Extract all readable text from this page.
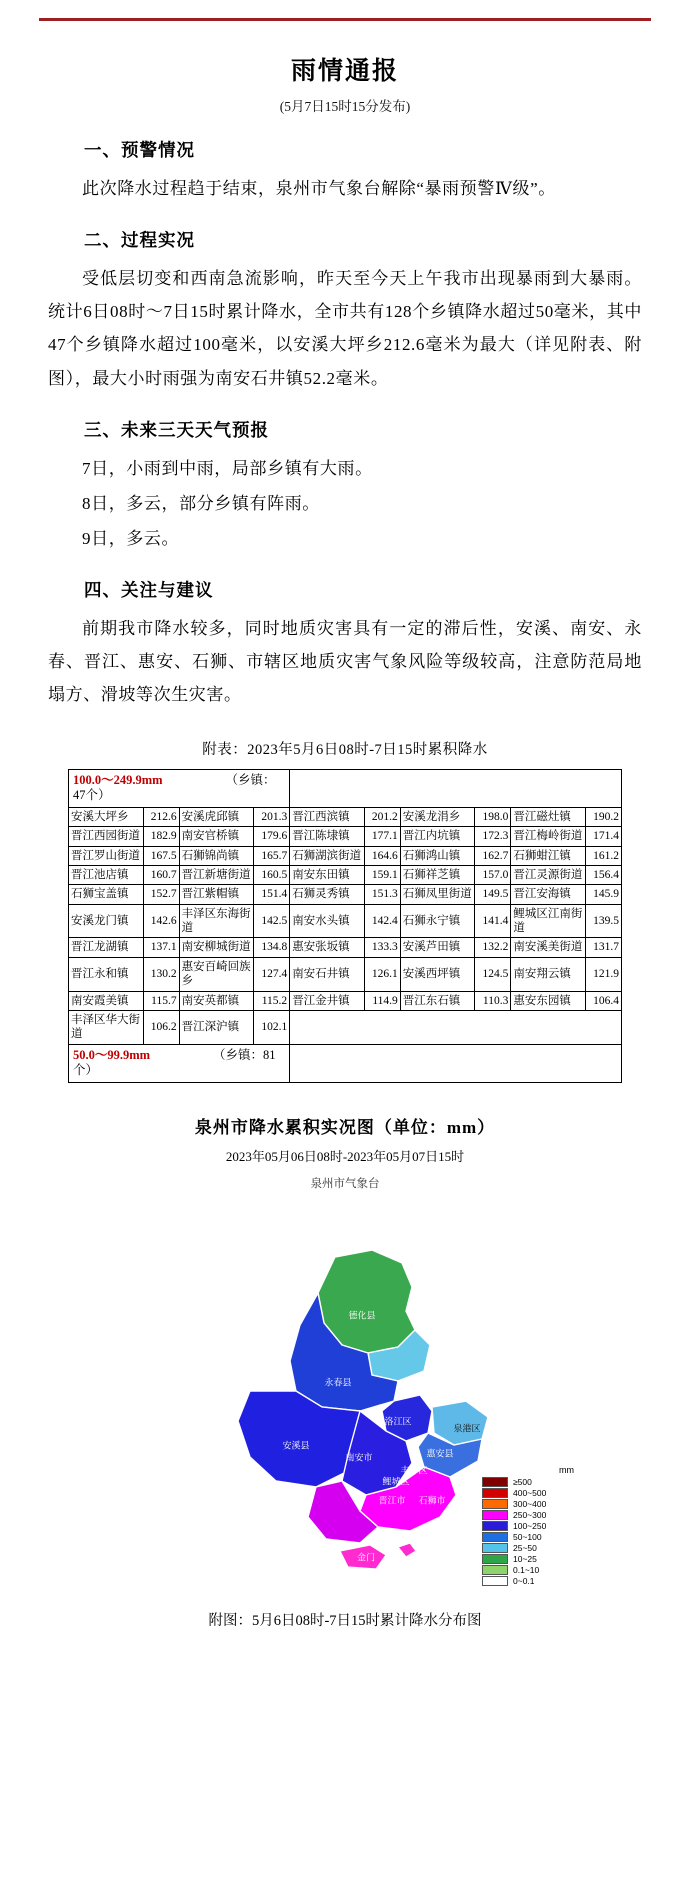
雨情通报
(5月7日15时15分发布)
一、预警情况

此次降水过程趋于结束，泉州市气象台解除“暴雨预警Ⅳ级”。

二、过程实况

受低层切变和西南急流影响，昨天至今天上午我市出现暴雨到大暴雨。统计6日08时～7日15时累计降水，全市共有128个乡镇降水超过50毫米，其中47个乡镇降水超过100毫米，以安溪大坪乡212.6毫米为最大（详见附表、附图），最大小时雨强为南安石井镇52.2毫米。

三、未来三天天气预报

7日，小雨到中雨，局部乡镇有大雨。

8日，多云，部分乡镇有阵雨。

9日，多云。

四、关注与建议

前期我市降水较多，同时地质灾害具有一定的滞后性，安溪、南安、永春、晋江、惠安、石狮、市辖区地质灾害气象风险等级较高，注意防范局地塌方、滑坡等次生灾害。

附表：2023年5月6日08时-7日15时累积降水
100.0～249.9mm （乡镇：47个）									
安溪大坪乡	212.6	安溪虎邱镇	201.3	晋江西滨镇	201.2	安溪龙涓乡	198.0	晋江磁灶镇	190.2
晋江西园街道	182.9	南安官桥镇	179.6	晋江陈埭镇	177.1	晋江内坑镇	172.3	晋江梅岭街道	171.4
晋江罗山街道	167.5	石狮锦尚镇	165.7	石狮湖滨街道	164.6	石狮鸿山镇	162.7	石狮蚶江镇	161.2
晋江池店镇	160.7	晋江新塘街道	160.5	南安东田镇	159.1	石狮祥芝镇	157.0	晋江灵源街道	156.4
石狮宝盖镇	152.7	晋江紫帽镇	151.4	石狮灵秀镇	151.3	石狮凤里街道	149.5	晋江安海镇	145.9
安溪龙门镇	142.6	丰泽区东海街道	142.5	南安水头镇	142.4	石狮永宁镇	141.4	鲤城区江南街道	139.5
晋江龙湖镇	137.1	南安柳城街道	134.8	惠安张坂镇	133.3	安溪芦田镇	132.2	南安溪美街道	131.7
晋江永和镇	130.2	惠安百崎回族乡	127.4	南安石井镇	126.1	安溪西坪镇	124.5	南安翔云镇	121.9
南安霞美镇	115.7	南安英都镇	115.2	晋江金井镇	114.9	晋江东石镇	110.3	惠安东园镇	106.4
丰泽区华大街道	106.2	晋江深沪镇	102.1						
50.0～99.9mm （乡镇：81个）									
泉州市降水累积实况图（单位：mm）
2023年05月06日08时-2023年05月07日15时
泉州市气象台
德化县
永春县
安溪县
南安市
洛江区
泉港区
惠安县
丰泽区
鲤城区
晋江市 石狮市
金门
mm
≥500
400~500
300~400
250~300
100~250
50~100
25~50
10~25
0.1~10
0~0.1
附图：5月6日08时-7日15时累计降水分布图
